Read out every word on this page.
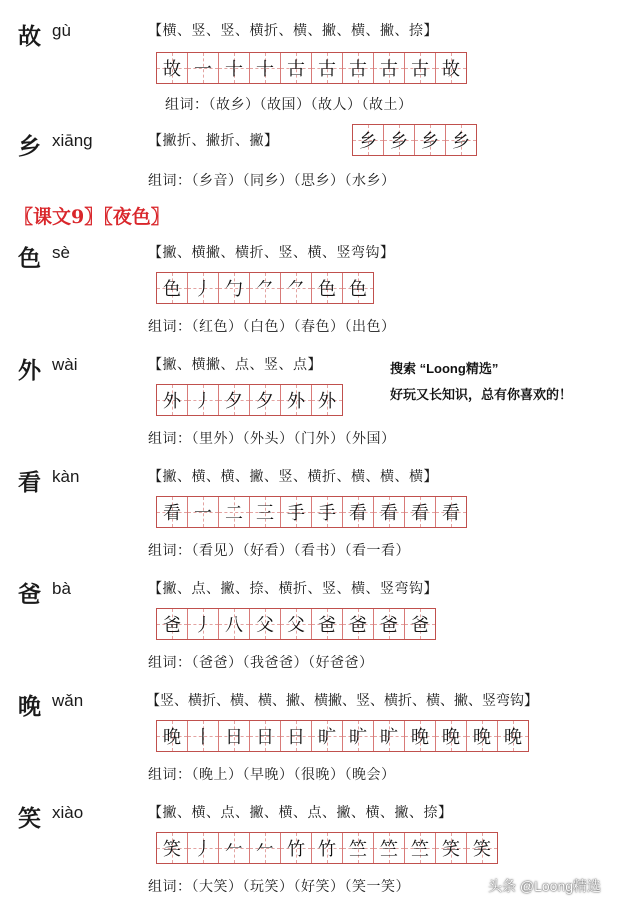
故 gù	【横、竖、竖、横折、横、撇、横、撇、捺】
故 一 十 十 古 古 古 古 古 故
组词：（故乡）（故国）（故人）（故土）
乡 xiāng	【撇折、撇折、撇】	乡 乡 乡 乡
组词：（乡音）（同乡）（思乡）（水乡）
〖课文9〗〖夜色〗
色 sè	【撇、横撇、横折、竖、横、竖弯钩】
色 丿 勹 ⺈ ⺈ 色 色
组词：（红色）（白色）（春色）（出色）
外 wài	【撇、横撇、点、竖、点】
外 丿 夕 夕 外 外
组词：（里外）（外头）（门外）（外国）
搜索 “Loong精选”
好玩又长知识，总有你喜欢的！
看 kàn	【撇、横、横、撇、竖、横折、横、横、横】
看 一 二 三 手 手 看 看 看 看
组词：（看见）（好看）（看书）（看一看）
爸 bà	【撇、点、撇、捺、横折、竖、横、竖弯钩】
爸 丿 八 父 父 爸 爸 爸 爸
组词：（爸爸）（我爸爸）（好爸爸）
晚 wǎn	【竖、横折、横、横、撇、横撇、竖、横折、横、撇、竖弯钩】
晚 丨 日 日 日 旷 旷 旷 晚 晚 晚 晚
组词：（晚上）（早晚）（很晚）（晚会）
笑 xiào	【撇、横、点、撇、横、点、撇、横、撇、捺】
笑 丿 𠂉 𠂉 竹 竹 竺 竺 竺 笑 笑
组词：（大笑）（玩笑）（好笑）（笑一笑）	头条 @Loong精选
